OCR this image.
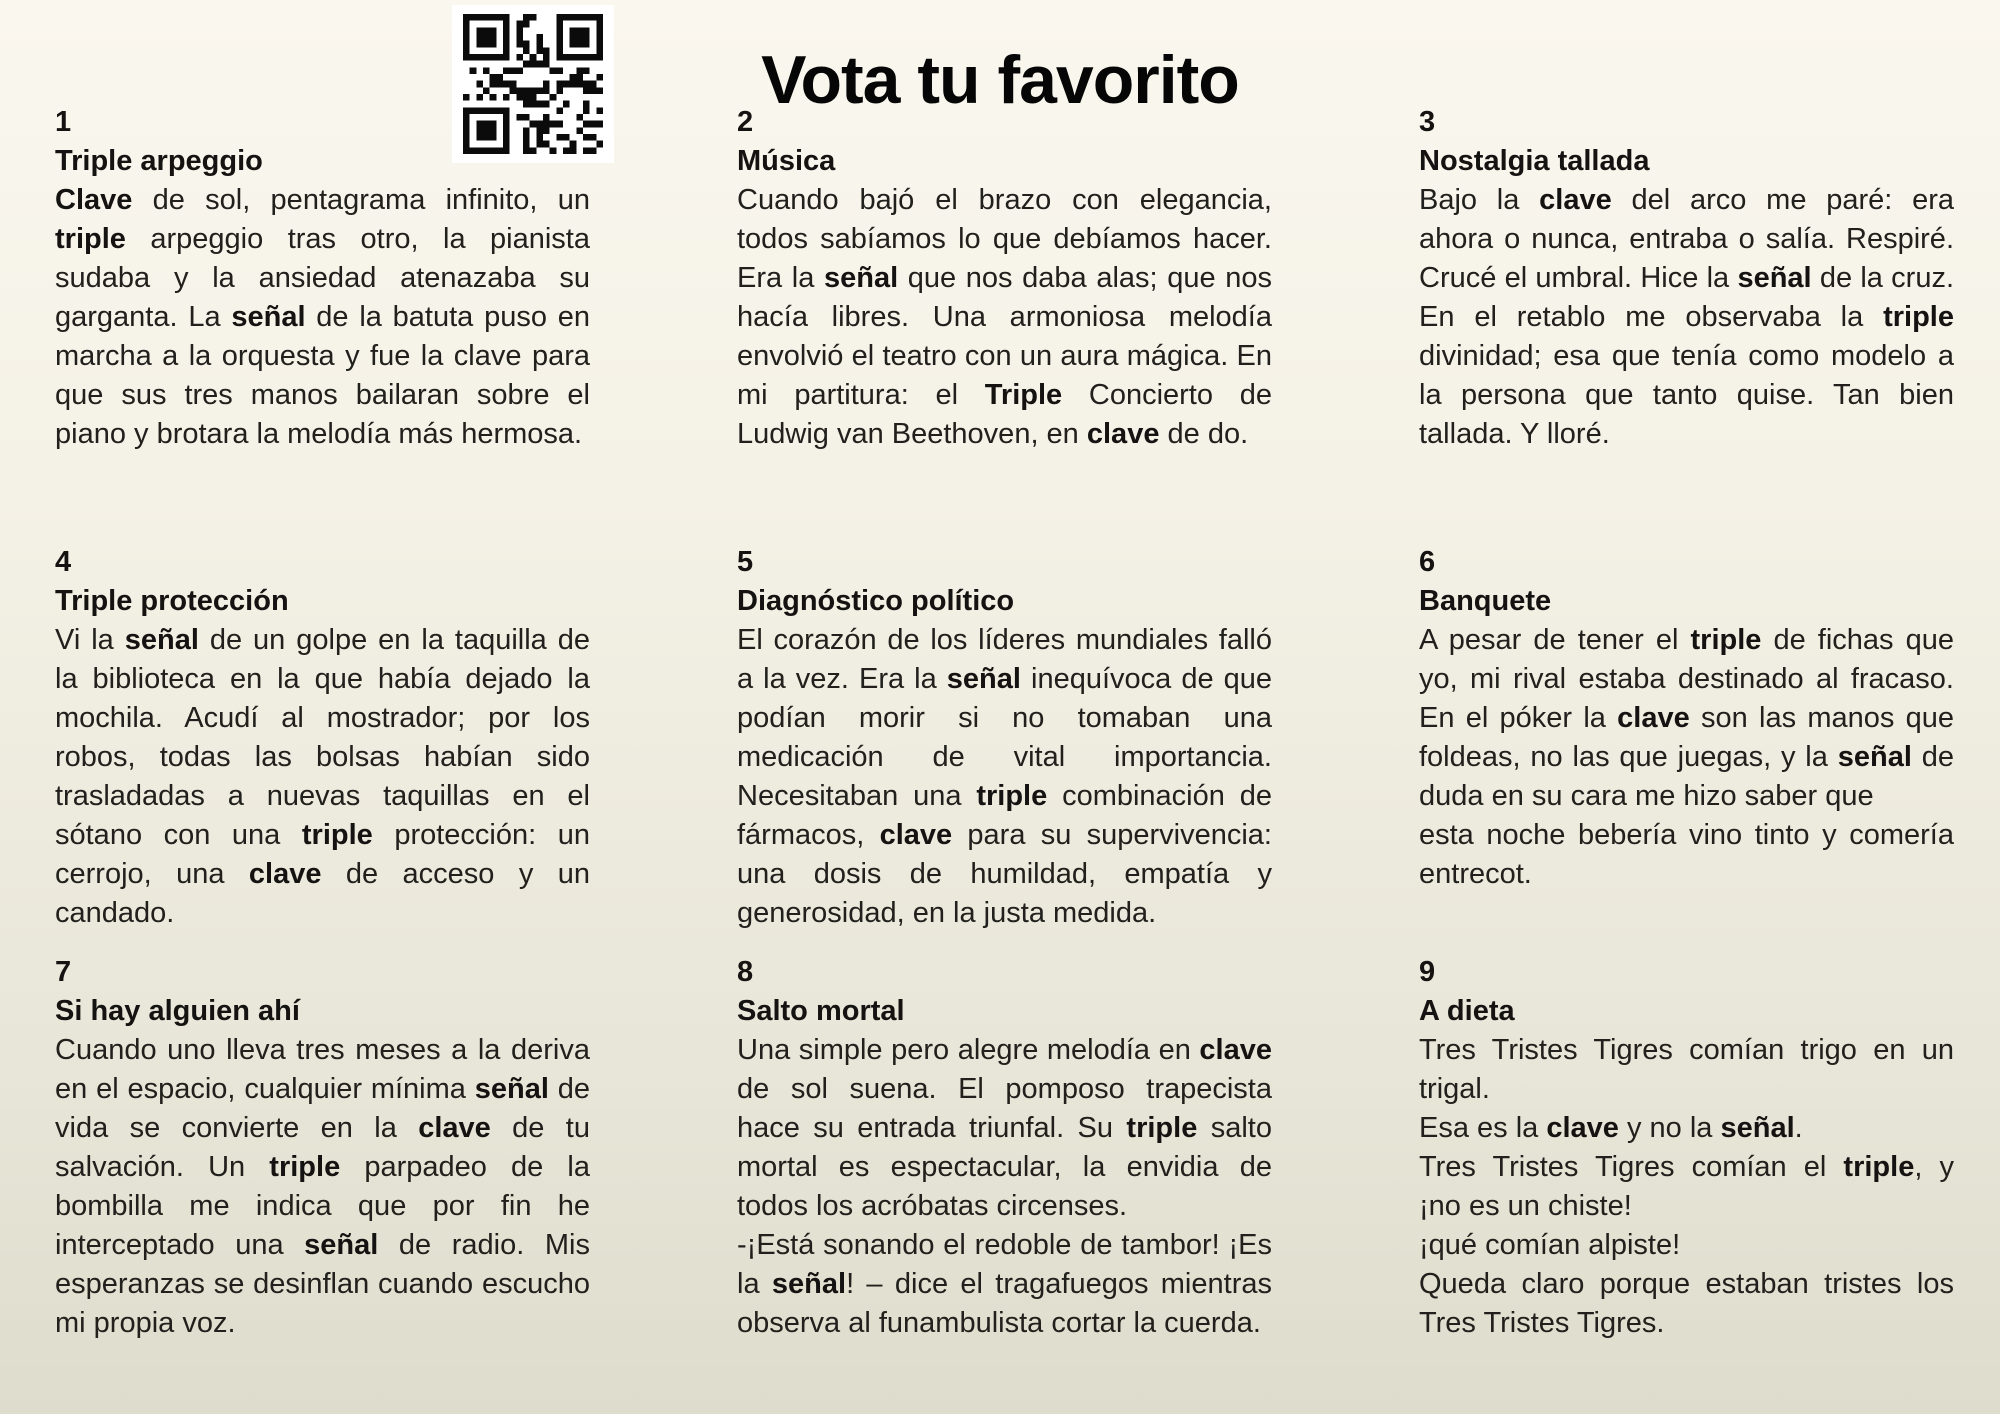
Vota tu favorito
1
Triple arpeggio

Clave de sol, pentagrama infinito, un triple arpeggio tras otro, la pianista sudaba y la ansiedad atenazaba su garganta. La señal de la batuta puso en marcha a la orquesta y fue la clave para que sus tres manos bailaran sobre el piano y brotara la melodía más hermosa.

2
Música

Cuando bajó el brazo con elegancia, todos sabíamos lo que debíamos hacer. Era la señal que nos daba alas; que nos hacía libres. Una armoniosa melodía envolvió el teatro con un aura mágica. En mi partitura: el Triple Concierto de Ludwig van Beethoven, en clave de do.

3
Nostalgia tallada

Bajo la clave del arco me paré: era ahora o nunca, entraba o salía. Respiré. Crucé el umbral. Hice la señal de la cruz. En el retablo me observaba la triple divinidad; esa que tenía como modelo a la persona que tanto quise. Tan bien tallada. Y lloré.

4
Triple protección

Vi la señal de un golpe en la taquilla de la biblioteca en la que había dejado la mochila. Acudí al mostrador; por los robos, todas las bolsas habían sido trasladadas a nuevas taquillas en el sótano con una triple protección: un cerrojo, una clave de acceso y un candado.

5
Diagnóstico político

El corazón de los líderes mundiales falló a la vez. Era la señal inequívoca de que podían morir si no tomaban una medicación de vital importancia. Necesitaban una triple combinación de fármacos, clave para su supervivencia: una dosis de humildad, empatía y generosidad, en la justa medida.

6
Banquete

A pesar de tener el triple de fichas que yo, mi rival estaba destinado al fracaso. En el póker la clave son las manos que foldeas, no las que juegas, y la señal de duda en su cara me hizo saber que

esta noche bebería vino tinto y comería entrecot.

7
Si hay alguien ahí

Cuando uno lleva tres meses a la deriva en el espacio, cualquier mínima señal de vida se convierte en la clave de tu salvación. Un triple parpadeo de la bombilla me indica que por fin he interceptado una señal de radio. Mis esperanzas se desinflan cuando escucho mi propia voz.

8
Salto mortal

Una simple pero alegre melodía en clave de sol suena. El pomposo trapecista hace su entrada triunfal. Su triple salto mortal es espectacular, la envidia de todos los acróbatas circenses.

-¡Está sonando el redoble de tambor! ¡Es la señal! – dice el tragafuegos mientras observa al funambulista cortar la cuerda.

9
A dieta

Tres Tristes Tigres comían trigo en un trigal.

Esa es la clave y no la señal.

Tres Tristes Tigres comían el triple, y

¡no es un chiste!

¡qué comían alpiste!

Queda claro porque estaban tristes los Tres Tristes Tigres.
